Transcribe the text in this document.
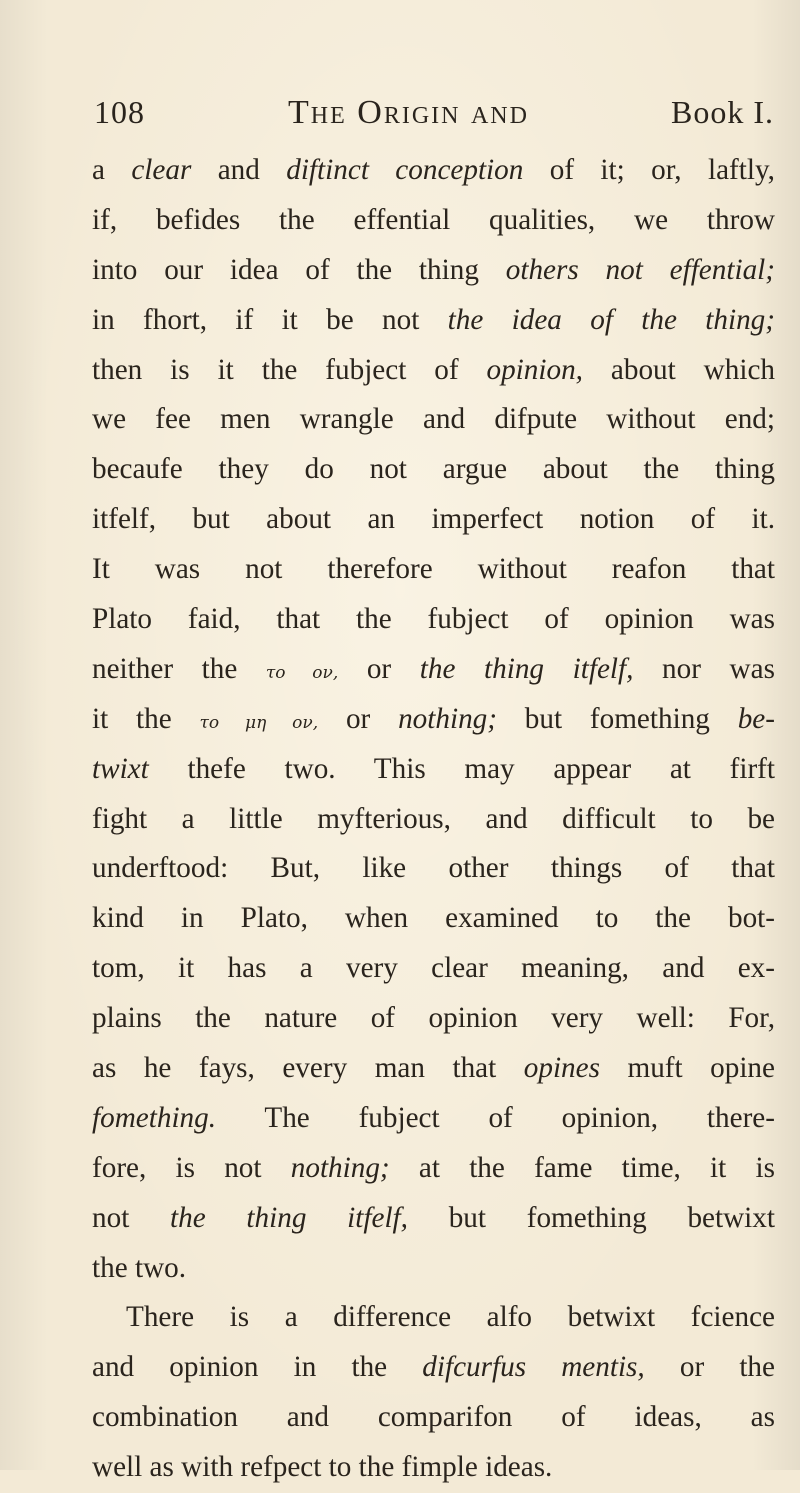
108	The Origin and	Book I.
a clear and diftinct conception of it; or, laftly,
if, befides the effential qualities, we throw
into our idea of the thing others not effential;
in fhort, if it be not the idea of the thing;
then is it the fubject of opinion, about which
we fee men wrangle and difpute without end;
becaufe they do not argue about the thing
itfelf, but about an imperfect notion of it.
It was not therefore without reafon that
Plato faid, that the fubject of opinion was
neither the το ον, or the thing itfelf, nor was
it the το μη ον, or nothing; but fomething be-
twixt thefe two. This may appear at firft
fight a little myfterious, and difficult to be
underftood: But, like other things of that
kind in Plato, when examined to the bot-
tom, it has a very clear meaning, and ex-
plains the nature of opinion very well: For,
as he fays, every man that opines muft opine
fomething. The fubject of opinion, there-
fore, is not nothing; at the fame time, it is
not the thing itfelf, but fomething betwixt
the two.
There is a difference alfo betwixt fcience
and opinion in the difcurfus mentis, or the
combination and comparifon of ideas, as
well as with refpect to the fimple ideas.
